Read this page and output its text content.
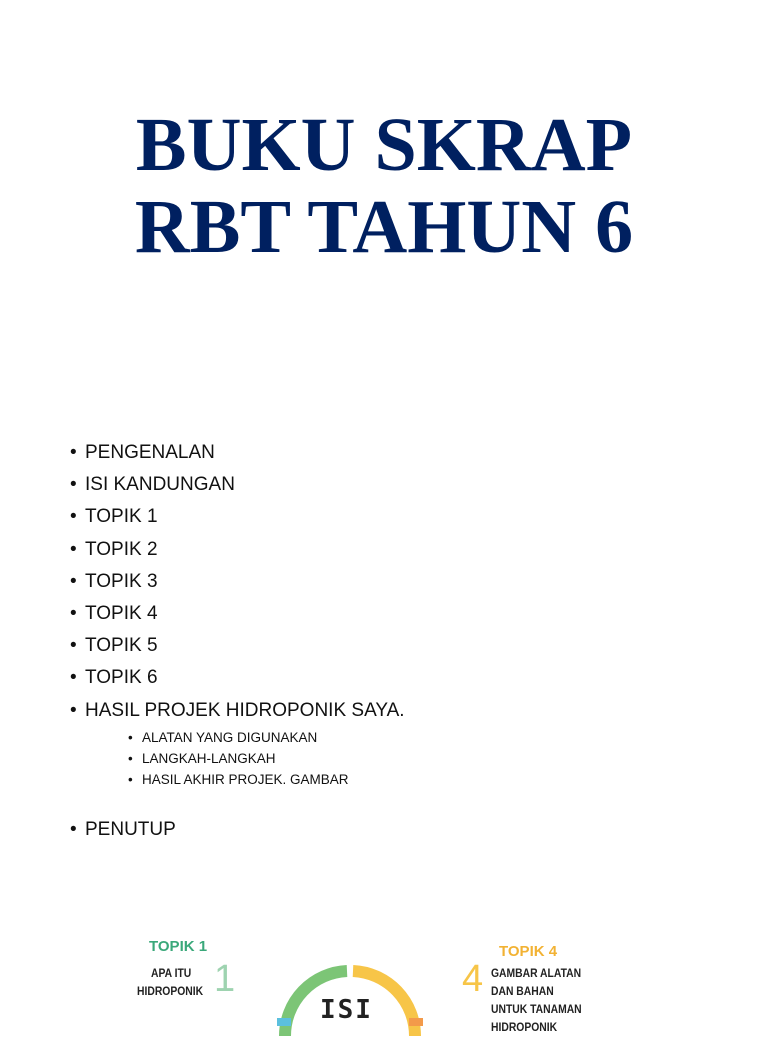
BUKU SKRAP
RBT TAHUN 6
• PENGENALAN
• ISI KANDUNGAN
• TOPIK 1
• TOPIK 2
• TOPIK 3
• TOPIK 4
• TOPIK 5
• TOPIK 6
• HASIL PROJEK HIDROPONIK SAYA.
• ALATAN YANG DIGUNAKAN
• LANGKAH-LANGKAH
• HASIL AKHIR PROJEK. GAMBAR
• PENUTUP
TOPIK 1
APA ITU
HIDROPONIK 1
ISI
4
TOPIK 4
GAMBAR ALATAN
DAN BAHAN
UNTUK TANAMAN
HIDROPONIK
